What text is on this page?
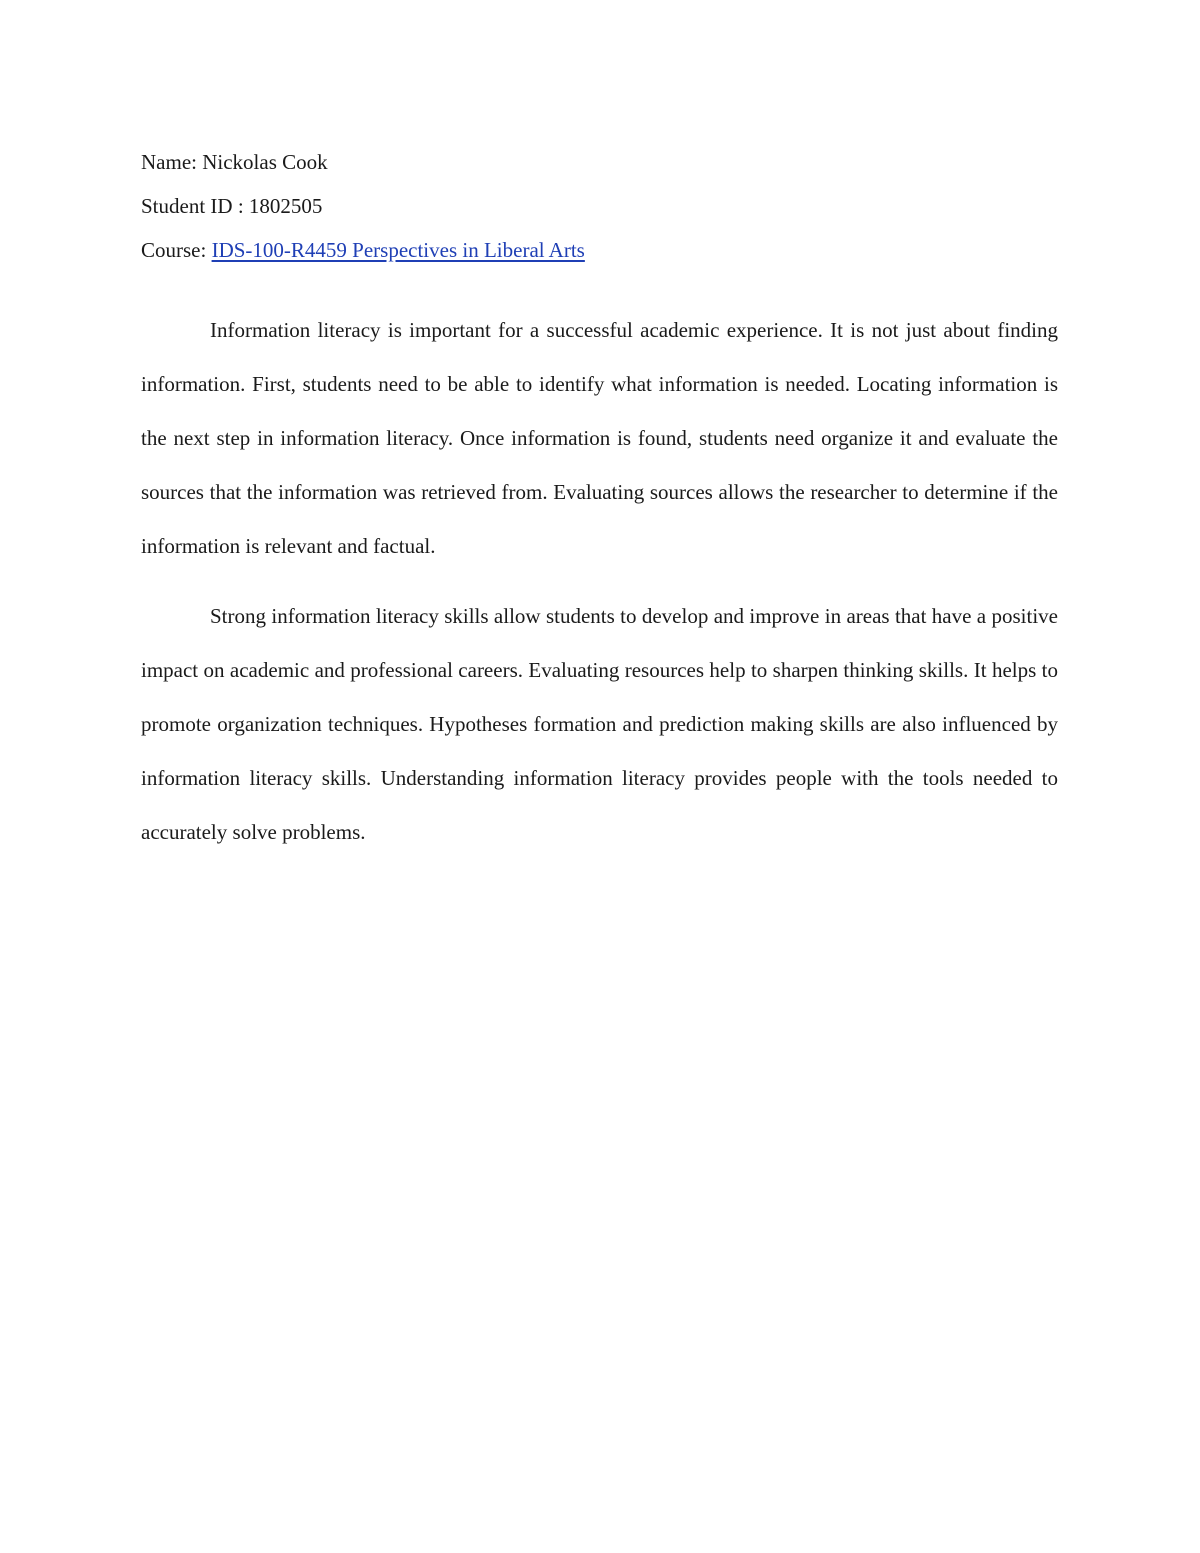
Name: Nickolas Cook

Student ID : 1802505

Course: IDS-100-R4459 Perspectives in Liberal Arts

Information literacy is important for a successful academic experience. It is not just about finding information. First, students need to be able to identify what information is needed. Locating information is the next step in information literacy. Once information is found, students need organize it and evaluate the sources that the information was retrieved from. Evaluating sources allows the researcher to determine if the information is relevant and factual.

Strong information literacy skills allow students to develop and improve in areas that have a positive impact on academic and professional careers. Evaluating resources help to sharpen thinking skills. It helps to promote organization techniques. Hypotheses formation and prediction making skills are also influenced by information literacy skills. Understanding information literacy provides people with the tools needed to accurately solve problems.
